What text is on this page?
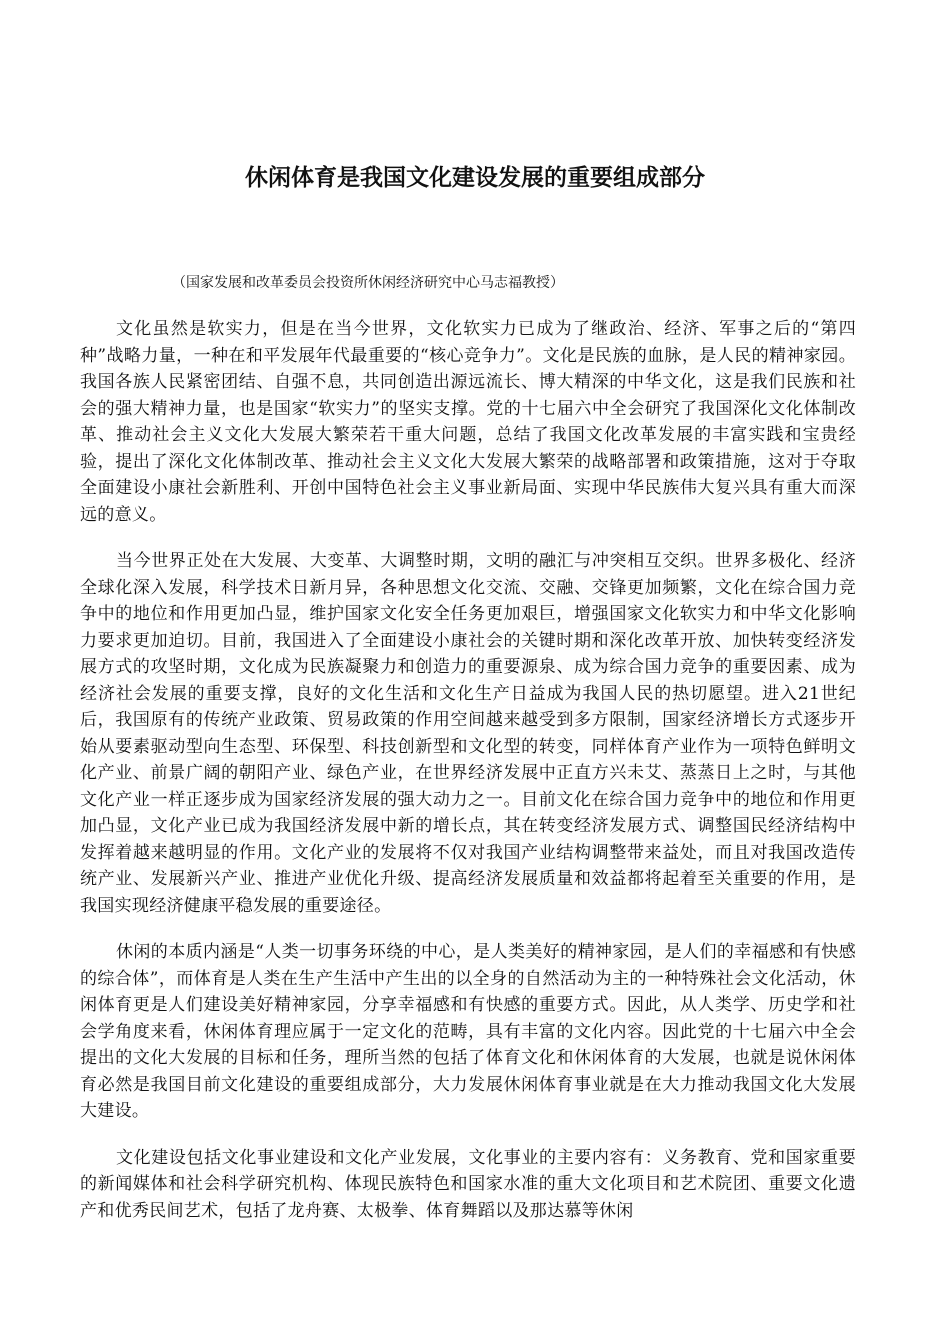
休闲体育是我国文化建设发展的重要组成部分

（国家发展和改革委员会投资所休闲经济研究中心马志福教授）

文化虽然是软实力，但是在当今世界，文化软实力已成为了继政治、经济、军事之后的“第四种”战略力量，一种在和平发展年代最重要的“核心竞争力”。文化是民族的血脉，是人民的精神家园。我国各族人民紧密团结、自强不息，共同创造出源远流长、博大精深的中华文化，这是我们民族和社会的强大精神力量，也是国家“软实力”的坚实支撑。党的十七届六中全会研究了我国深化文化体制改革、推动社会主义文化大发展大繁荣若干重大问题，总结了我国文化改革发展的丰富实践和宝贵经验，提出了深化文化体制改革、推动社会主义文化大发展大繁荣的战略部署和政策措施，这对于夺取全面建设小康社会新胜利、开创中国特色社会主义事业新局面、实现中华民族伟大复兴具有重大而深远的意义。

当今世界正处在大发展、大变革、大调整时期，文明的融汇与冲突相互交织。世界多极化、经济全球化深入发展，科学技术日新月异，各种思想文化交流、交融、交锋更加频繁，文化在综合国力竞争中的地位和作用更加凸显，维护国家文化安全任务更加艰巨，增强国家文化软实力和中华文化影响力要求更加迫切。目前，我国进入了全面建设小康社会的关键时期和深化改革开放、加快转变经济发展方式的攻坚时期，文化成为民族凝聚力和创造力的重要源泉、成为综合国力竞争的重要因素、成为经济社会发展的重要支撑，良好的文化生活和文化生产日益成为我国人民的热切愿望。进入21世纪后，我国原有的传统产业政策、贸易政策的作用空间越来越受到多方限制，国家经济增长方式逐步开始从要素驱动型向生态型、环保型、科技创新型和文化型的转变，同样体育产业作为一项特色鲜明文化产业、前景广阔的朝阳产业、绿色产业，在世界经济发展中正直方兴未艾、蒸蒸日上之时，与其他文化产业一样正逐步成为国家经济发展的强大动力之一。目前文化在综合国力竞争中的地位和作用更加凸显，文化产业已成为我国经济发展中新的增长点，其在转变经济发展方式、调整国民经济结构中发挥着越来越明显的作用。文化产业的发展将不仅对我国产业结构调整带来益处，而且对我国改造传统产业、发展新兴产业、推进产业优化升级、提高经济发展质量和效益都将起着至关重要的作用，是我国实现经济健康平稳发展的重要途径。

休闲的本质内涵是“人类一切事务环绕的中心，是人类美好的精神家园，是人们的幸福感和有快感的综合体”，而体育是人类在生产生活中产生出的以全身的自然活动为主的一种特殊社会文化活动，休闲体育更是人们建设美好精神家园，分享幸福感和有快感的重要方式。因此，从人类学、历史学和社会学角度来看，休闲体育理应属于一定文化的范畴，具有丰富的文化内容。因此党的十七届六中全会提出的文化大发展的目标和任务，理所当然的包括了体育文化和休闲体育的大发展，也就是说休闲体育必然是我国目前文化建设的重要组成部分，大力发展休闲体育事业就是在大力推动我国文化大发展大建设。

文化建设包括文化事业建设和文化产业发展，文化事业的主要内容有：义务教育、党和国家重要的新闻媒体和社会科学研究机构、体现民族特色和国家水准的重大文化项目和艺术院团、重要文化遗产和优秀民间艺术，包括了龙舟赛、太极拳、体育舞蹈以及那达慕等休闲
